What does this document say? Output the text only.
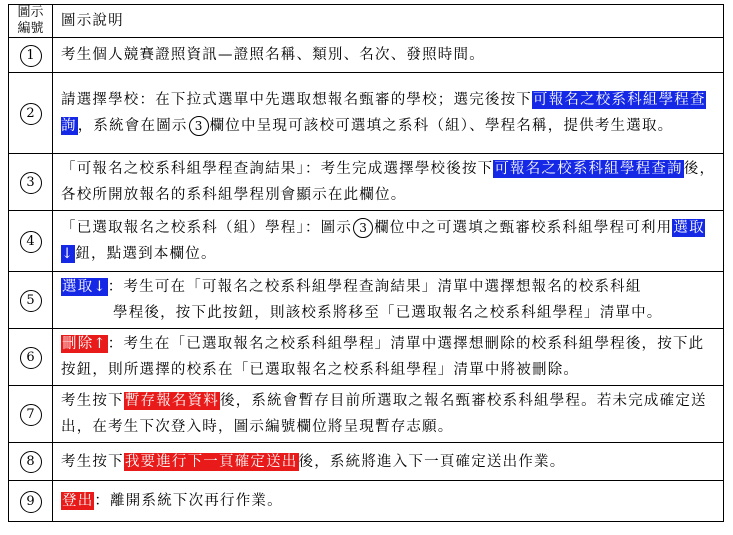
圖示
編號	圖示說明
1	考生個人競賽證照資訊—證照名稱、類別、名次、發照時間。
2	請選擇學校：在下拉式選單中先選取想報名甄審的學校；選完後按下可報名之校系科組學程查詢，系統會在圖示 3 欄位中呈現可該校可選填之系科（組）、學程名稱，提供考生選取。
3	「可報名之校系科組學程查詢結果」：考生完成選擇學校後按下可報名之校系科組學程查詢後，各校所開放報名的系科組學程別會顯示在此欄位。
4	「已選取報名之校系科（組）學程」：圖示 3 欄位中之可選填之甄審校系科組學程可利用選取↓鈕，點選到本欄位。
5	選取↓：考生可在「可報名之校系科組學程查詢結果」清單中選擇想報名的校系科組
學程後，按下此按鈕，則該校系將移至「已選取報名之校系科組學程」清單中。

6	刪除↑：考生在「已選取報名之校系科組學程」清單中選擇想刪除的校系科組學程後，按下此按鈕，則所選擇的校系在「已選取報名之校系科組學程」清單中將被刪除。
7	考生按下暫存報名資料後，系統會暫存目前所選取之報名甄審校系科組學程。若未完成確定送出，在考生下次登入時，圖示編號欄位將呈現暫存志願。
8	考生按下我要進行下一頁確定送出後，系統將進入下一頁確定送出作業。
9	登出：離開系統下次再行作業。
